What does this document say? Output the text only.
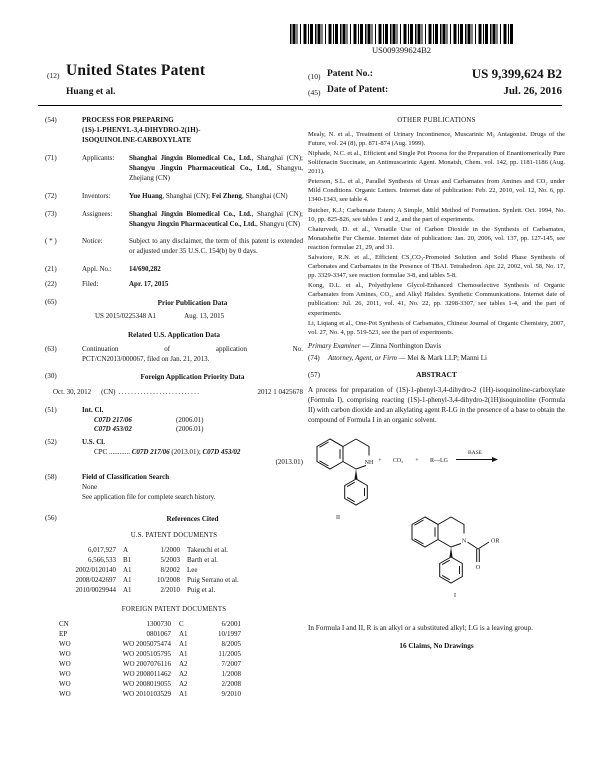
US009399624B2
(12) United States Patent
Huang et al.
(10) Patent No.:	US 9,399,624 B2
(45) Date of Patent:	Jul. 26, 2016
(54)	PROCESS FOR PREPARING
(1S)-1-PHENYL-3,4-DIHYDRO-2(1H)-
ISOQUINOLINE-CARBOXYLATE
(71)	Applicants:	Shanghai Jingxin Biomedical Co., Ltd., Shanghai (CN); Shangyu Jingxin Pharmaceutical Co., Ltd., Shangyu, Zhejiang (CN)
(72)	Inventors:	Yue Huang, Shanghai (CN); Fei Zheng, Shanghai (CN)
(73)	Assignees:	Shanghai Jingxin Biomedical Co., Ltd., Shanghai (CN); Shangyu Jingxin Pharmaceutical Co., Ltd., Shangyu (CN)
( * )	Notice:	Subject to any disclaimer, the term of this patent is extended or adjusted under 35 U.S.C. 154(b) by 0 days.
(21)	Appl. No.:	14/690,282
(22)	Filed:	Apr. 17, 2015
(65)	Prior Publication Data
US 2015/0225348 A1	Aug. 13, 2015
Related U.S. Application Data
(63)	Continuation	of	application	No.
PCT/CN2013/000067, filed on Jan. 21, 2013.
(30)	Foreign Application Priority Data
Oct. 30, 2012 (CN) ..........................	2012 1 0425678
(51)	Int. Cl.
C07D 217/06	(2006.01)
C07D 453/02	(2006.01)
(52)	U.S. Cl.
CPC ............ C07D 217/06 (2013.01); C07D 453/02
(2013.01)
(58)	Field of Classification Search
None
See application file for complete search history.
(56)	References Cited
U.S. PATENT DOCUMENTS
6,017,927	A	1/2000	Takeuchi et al.
6,566,533	B1	5/2003	Barth et al.
2002/0120140	A1	8/2002	Lee
2008/0242697	A1	10/2008	Puig Serrano et al.
2010/0029944	A1	2/2010	Puig et al.
FOREIGN PATENT DOCUMENTS
CN	1300730	C	6/2001
EP	0801067	A1	10/1997
WO	WO 2005075474	A1	8/2005
WO	WO 2005105795	A1	11/2005
WO	WO 2007076116	A2	7/2007
WO	WO 2008011462	A2	1/2008
WO	WO 2008019055	A2	2/2008
WO	WO 2010103529	A1	9/2010
OTHER PUBLICATIONS

Mealy, N. et al., Treatment of Urinary Incontinence, Muscarinic M₃ Antagonist. Drugs of the Future, vol. 24 (8), pp. 871-874 (Aug. 1999).

Niphade, N.C. et al., Efficient and Single Pot Process for the Preparation of Enantiomerically Pure Solifenacin Succinate, an Antimuscarinic Agent. Monatsh, Chem. vol. 142, pp. 1181-1186 (Aug. 2011).

Peterson, S.L. et al., Parallel Synthesis of Ureas and Carbamates from Amines and CO₂ under Mild Conditions. Organic Letters. Internet date of publication: Feb. 22, 2010, vol. 12, No. 6, pp. 1340-1343, see table 4.

Butcher, K.J.; Carbamate Esters; A Simple, Mild Method of Formation. Synlett. Oct. 1994, No. 10, pp. 825-826, see tables 1 and 2, and the part of experiments.

Chaturvedi, D. et al., Versatile Use of Carbon Dioxide in the Synthesis of Carbamates, Monatshefte Fur Chemie. Internet date of publication: Jan. 20, 2006, vol. 137, pp. 127-145, see reaction formulae 21, 29, and 31.

Salvatore, R.N. et al., Efficient CS₂CO₃-Promoted Solution and Solid Phase Synthesis of Carbonates and Carbamates in the Presence of TBAI. Tetrahedron. Apr. 22, 2002, vol. 58, No. 17, pp. 3329-3347, see reaction formulae 3-8, and tables 5-8.

Kong, D.L. et al., Polyethylene Glycol-Enhanced Chemoselective Synthesis of Organic Carbamates from Amines, CO₂, and Alkyl Halides. Synthetic Communications. Internet date of publication: Jul. 26, 2011, vol. 41, No. 22, pp. 3298-3307, see tables 1-4, and the part of experiments.

Li, Liqiang et al., One-Pot Synthesis of Carbamates, Chinese Journal of Organic Chemistry, 2007, vol. 27, No. 4, pp. 519-523, see the part of experiments.

Primary Examiner — Zinna Northington Davis
(74)	Attorney, Agent, or Firm — Mei & Mark LLP; Manni Li
(57)	ABSTRACT
A process for preparation of (1S)-1-phenyl-3,4-dihydro-2 (1H)-isoquinoline-carboxylate (Formula I), comprising reacting (1S)-1-phenyl-3,4-dihydro-2(1H)isoquinoline (Formula II) with carbon dioxide and an alkylating agent R-LG in the presence of a base to obtain the compound of Formula I in an organic solvent.
NH
II
+ CO₂ + R—LG
BASE
N
O
OR
I
In Formula I and II, R is an alkyl or a substituted alkyl; LG is a leaving group.
16 Claims, No Drawings
